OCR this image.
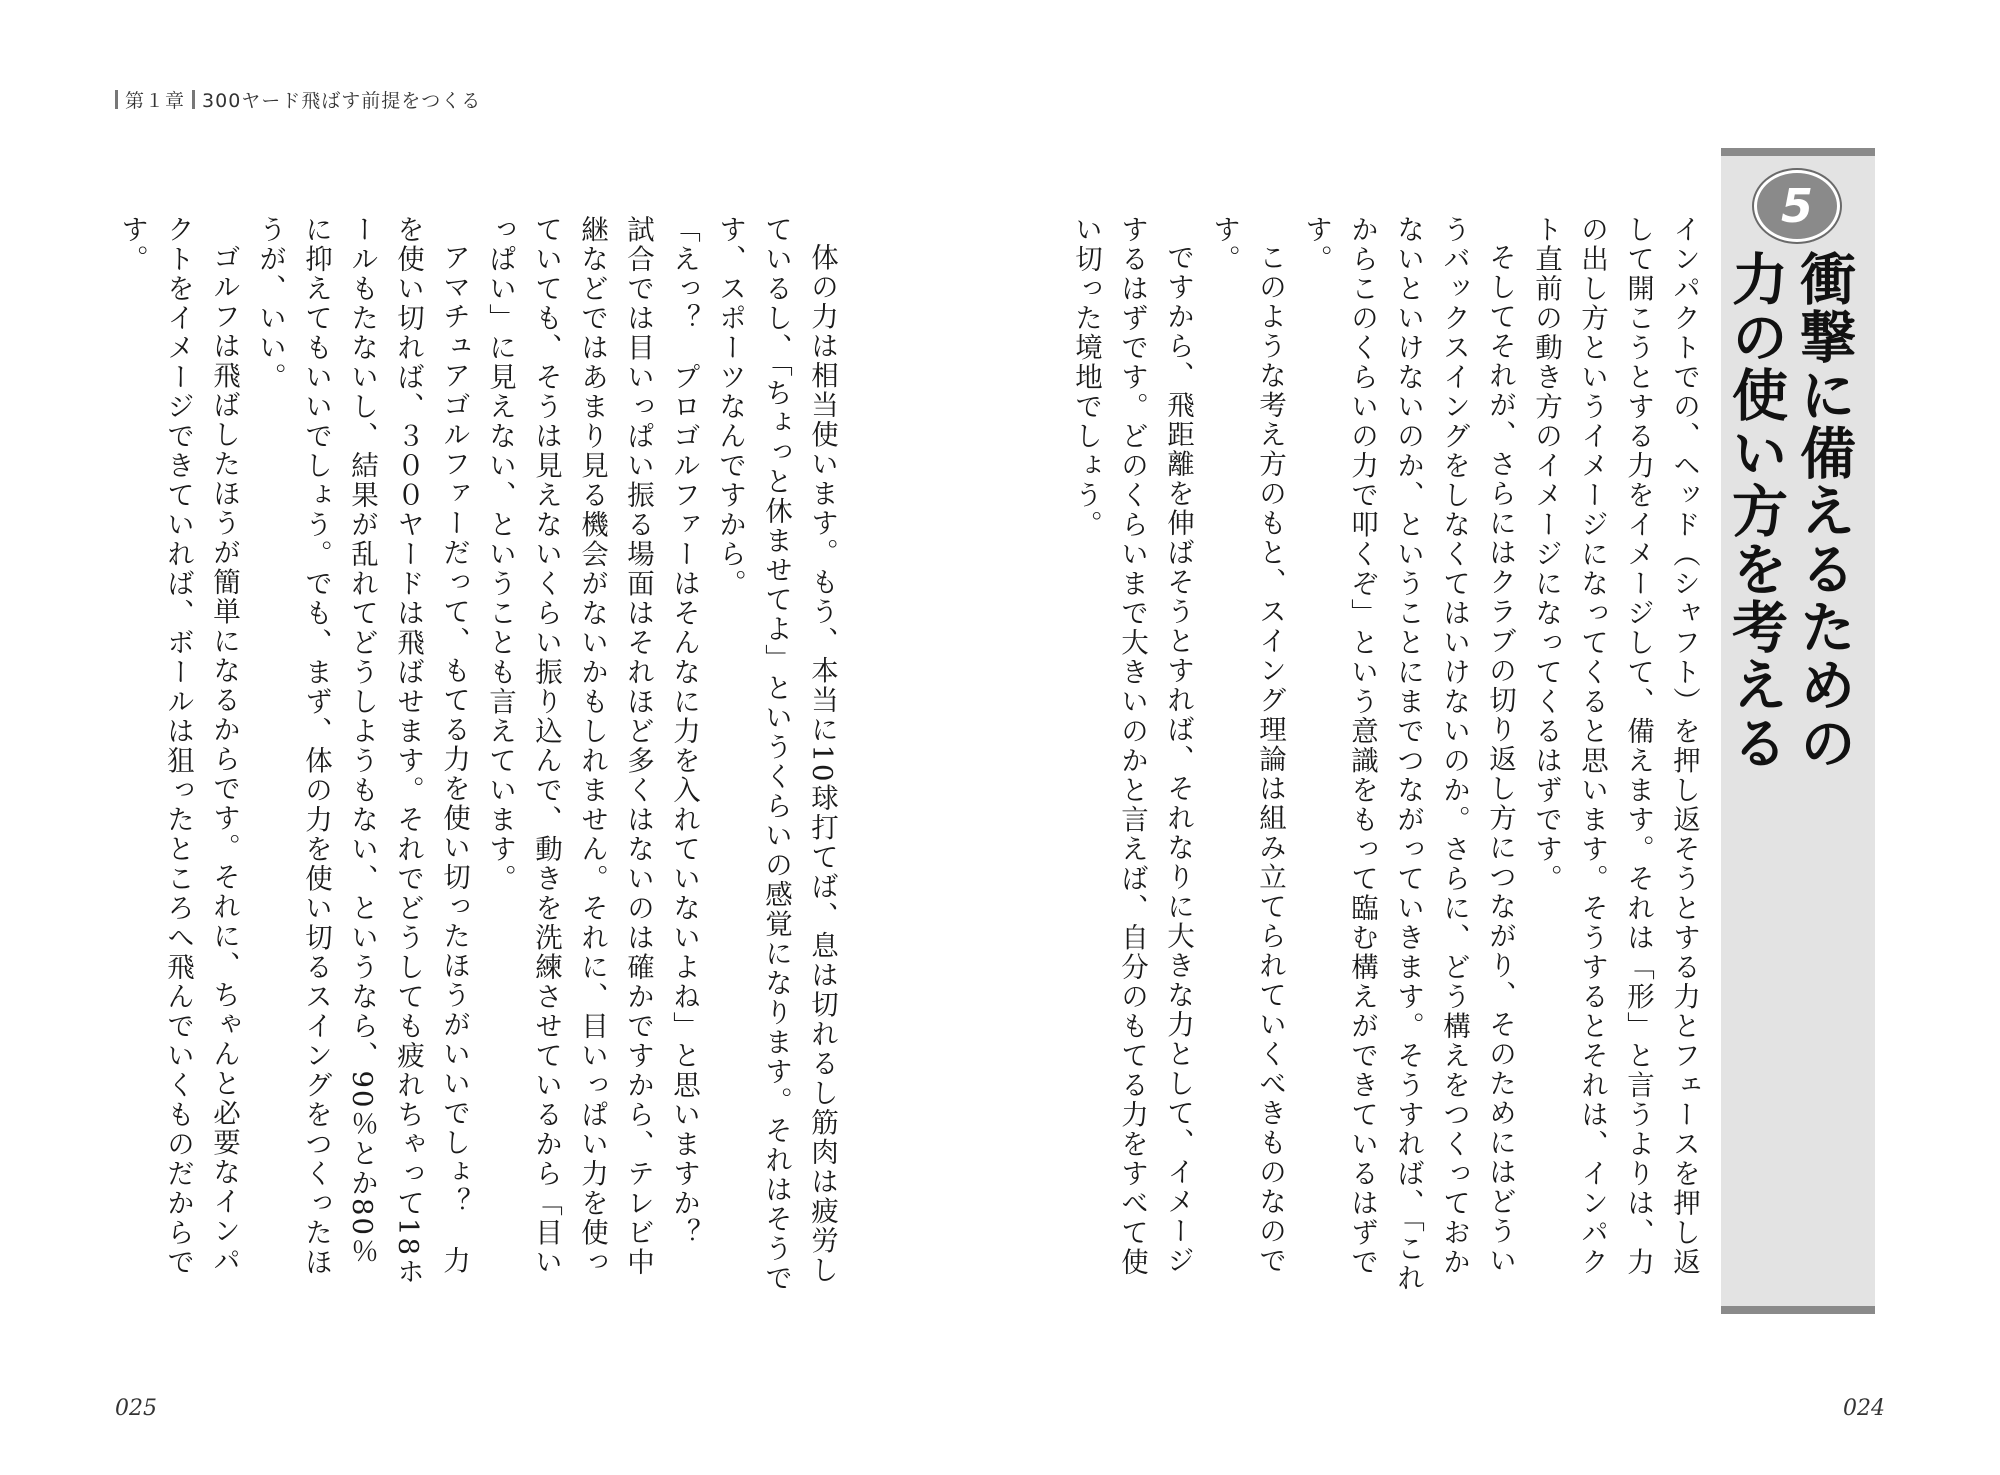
第１章 300ヤード飛ばす前提をつくる
5
衝撃に備えるための
力の使い方を考える

インパクトでの、ヘッド（シャフト）を押し返そうとする力とフェースを押し返して開こうとする力をイメージして、備えます。それは「形」と言うよりは、力の出し方というイメージになってくると思います。そうするとそれは、インパクト直前の動き方のイメージになってくるはずです。

そしてそれが、さらにはクラブの切り返し方につながり、そのためにはどういうバックスイングをしなくてはいけないのか。さらに、どう構えをつくっておかないといけないのか、ということにまでつながっていきます。そうすれば、「これからこのくらいの力で叩くぞ」という意識をもって臨む構えができているはずです。

このような考え方のもと、スイング理論は組み立てられていくべきものなのです。

ですから、飛距離を伸ばそうとすれば、それなりに大きな力として、イメージするはずです。どのくらいまで大きいのかと言えば、自分のもてる力をすべて使い切った境地でしょう。

体の力は相当使います。もう、本当に10球打てば、息は切れるし筋肉は疲労しているし、「ちょっと休ませてよ」というくらいの感覚になります。それはそうです、スポーツなんですから。

「えっ？　プロゴルファーはそんなに力を入れていないよね」と思いますか？　試合では目いっぱい振る場面はそれほど多くはないのは確かですから、テレビ中継などではあまり見る機会がないかもしれません。それに、目いっぱい力を使っていても、そうは見えないくらい振り込んで、動きを洗練させているから「目いっぱい」に見えない、ということも言えています。

アマチュアゴルファーだって、もてる力を使い切ったほうがいいでしょ？　力を使い切れば、３００ヤードは飛ばせます。それでどうしても疲れちゃって18ホールもたないし、結果が乱れてどうしようもない、というなら、90％とか80％に抑えてもいいでしょう。でも、まず、体の力を使い切るスイングをつくったほうが、いい。

ゴルフは飛ばしたほうが簡単になるからです。それに、ちゃんと必要なインパクトをイメージできていれば、ボールは狙ったところへ飛んでいくものだからです。

025	024
